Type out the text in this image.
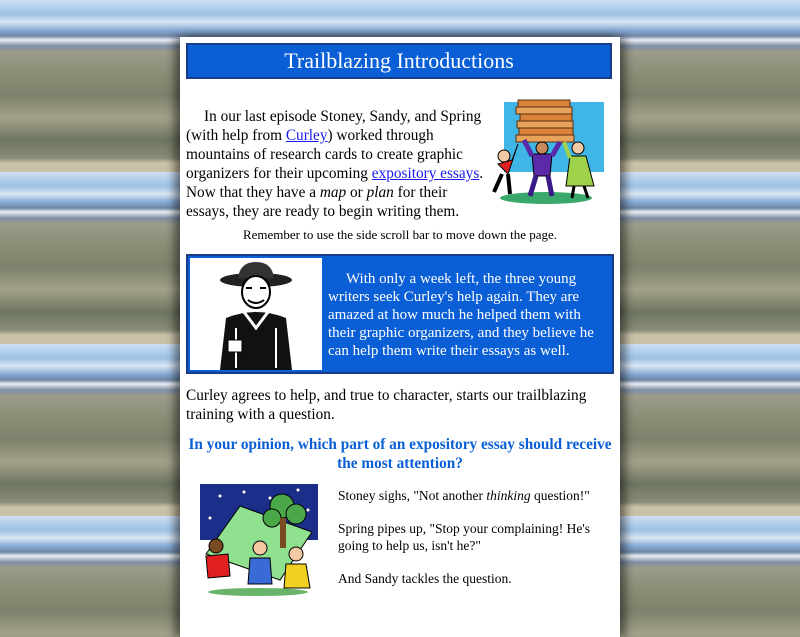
Trailblazing Introductions
In our last episode Stoney, Sandy, and Spring (with help from Curley) worked through mountains of research cards to create graphic organizers for their upcoming expository essays. Now that they have a map or plan for their essays, they are ready to begin writing them.
Remember to use the side scroll bar to move down the page.
With only a week left, the three young writers seek Curley's help again. They are amazed at how much he helped them with their graphic organizers, and they believe he can help them write their essays as well.
Curley agrees to help, and true to character, starts our trailblazing training with a question.
In your opinion, which part of an expository essay should receive the most attention?

Stoney sighs, "Not another thinking question!"

Spring pipes up, "Stop your complaining! He's going to help us, isn't he?"

And Sandy tackles the question.
